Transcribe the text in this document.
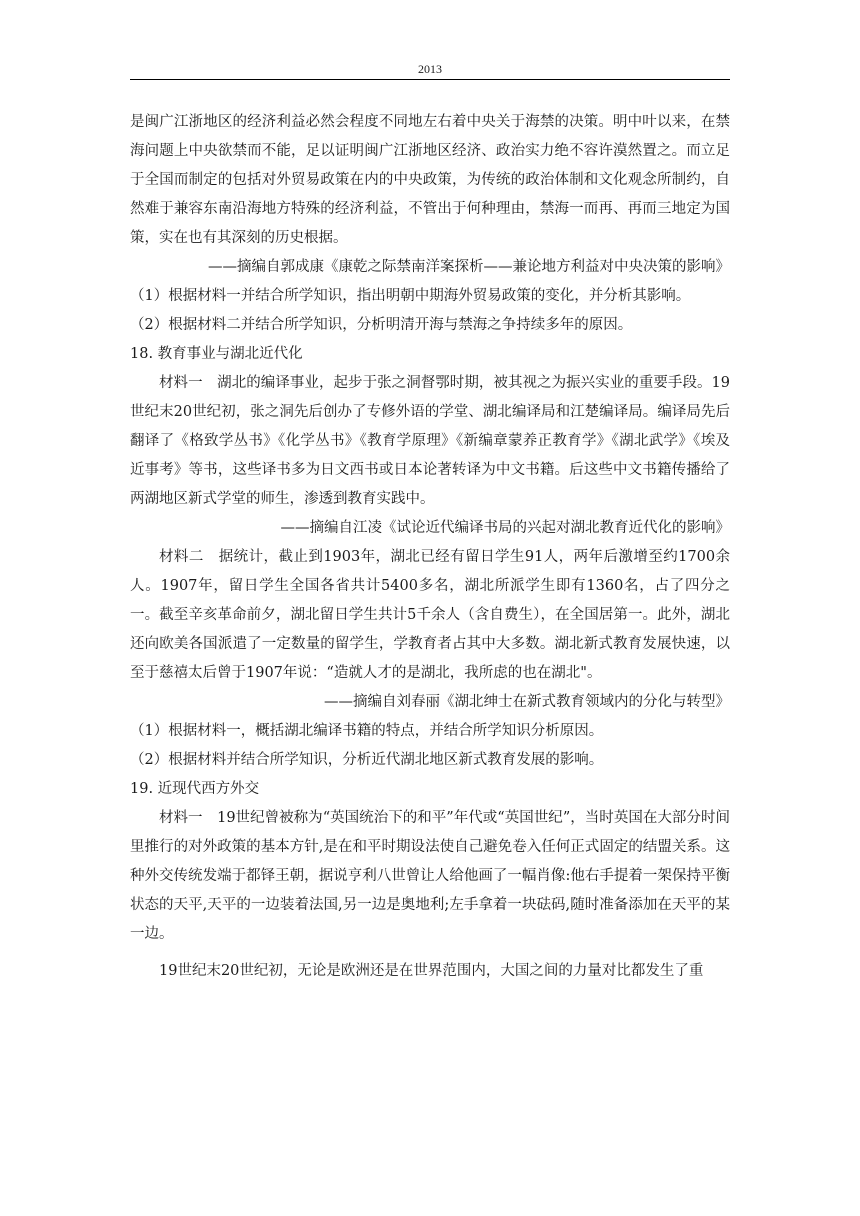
2013

是闽广江浙地区的经济利益必然会程度不同地左右着中央关于海禁的决策。明中叶以来，在禁海问题上中央欲禁而不能，足以证明闽广江浙地区经济、政治实力绝不容许漠然置之。而立足于全国而制定的包括对外贸易政策在内的中央政策，为传统的政治体制和文化观念所制约，自然难于兼容东南沿海地方特殊的经济利益，不管出于何种理由，禁海一而再、再而三地定为国策，实在也有其深刻的历史根据。

——摘编自郭成康《康乾之际禁南洋案探析——兼论地方利益对中央决策的影响》

（1）根据材料一并结合所学知识，指出明朝中期海外贸易政策的变化，并分析其影响。

（2）根据材料二并结合所学知识，分析明清开海与禁海之争持续多年的原因。

18. 教育事业与湖北近代化

材料一　湖北的编译事业，起步于张之洞督鄂时期，被其视之为振兴实业的重要手段。19世纪末20世纪初，张之洞先后创办了专修外语的学堂、湖北编译局和江楚编译局。编译局先后翻译了《格致学丛书》《化学丛书》《教育学原理》《新编章蒙养正教育学》《湖北武学》《埃及近事考》等书，这些译书多为日文西书或日本论著转译为中文书籍。后这些中文书籍传播给了两湖地区新式学堂的师生，渗透到教育实践中。

——摘编自江凌《试论近代编译书局的兴起对湖北教育近代化的影响》

材料二　据统计，截止到1903年，湖北已经有留日学生91人，两年后激增至约1700余人。1907年，留日学生全国各省共计5400多名，湖北所派学生即有1360名，占了四分之一。截至辛亥革命前夕，湖北留日学生共计5千余人（含自费生），在全国居第一。此外，湖北还向欧美各国派遣了一定数量的留学生，学教育者占其中大多数。湖北新式教育发展快速，以至于慈禧太后曾于1907年说：“造就人才的是湖北，我所虑的也在湖北"。

——摘编自刘春丽《湖北绅士在新式教育领域内的分化与转型》

（1）根据材料一，概括湖北编译书籍的特点，并结合所学知识分析原因。

（2）根据材料并结合所学知识，分析近代湖北地区新式教育发展的影响。

19. 近现代西方外交

材料一　19世纪曾被称为“英国统治下的和平”年代或“英国世纪”，当时英国在大部分时间里推行的对外政策的基本方针,是在和平时期设法使自己避免卷入任何正式固定的结盟关系。这种外交传统发端于都铎王朝，据说亨利八世曾让人给他画了一幅肖像:他右手提着一架保持平衡状态的天平,天平的一边装着法国,另一边是奥地利;左手拿着一块砝码,随时准备添加在天平的某一边。

19世纪末20世纪初，无论是欧洲还是在世界范围内，大国之间的力量对比都发生了重
